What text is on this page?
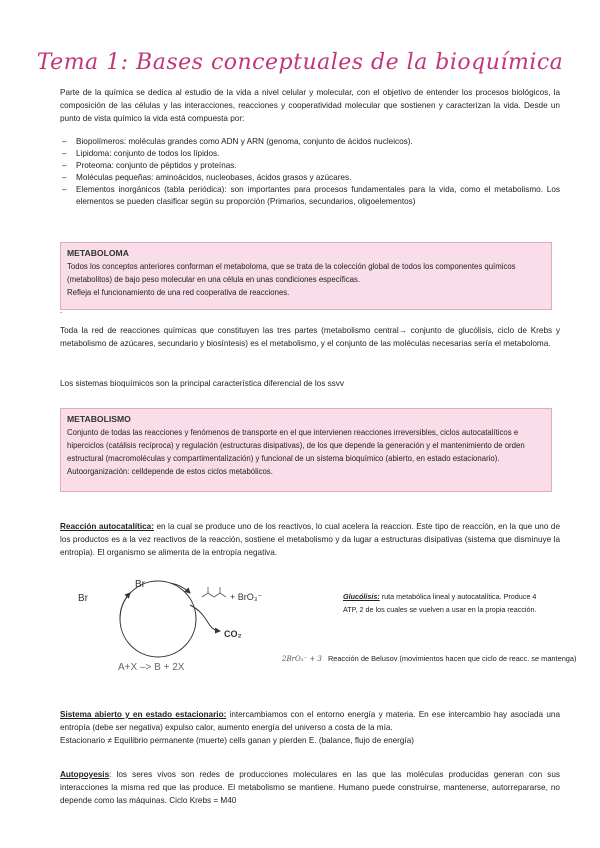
Tema 1: Bases conceptuales de la bioquímica
Parte de la química se dedica al estudio de la vida a nivel celular y molecular, con el objetivo de entender los procesos biológicos, la composición de las células y las interacciones, reacciones y cooperatividad molecular que sostienen y caracterizan la vida. Desde un punto de vista químico la vida está compuesta por:
– Biopolímeros: moléculas grandes como ADN y ARN (genoma, conjunto de ácidos nucleicos).
– Lipidoma: conjunto de todos los lípidos.
– Proteoma: conjunto de péptidos y proteínas.
– Moléculas pequeñas: aminoácidos, nucleobases, ácidos grasos y azúcares.
– Elementos inorgánicos (tabla periódica): son importantes para procesos fundamentales para la vida, como el metabolismo. Los elementos se pueden clasificar según su proporción (Primarios, secundarios, oligoelementos)
METABOLOMA
Todos los conceptos anteriores conforman el metaboloma, que se trata de la colección global de todos los componentes químicos (metabolitos) de bajo peso molecular en una célula en unas condiciones específicas.
Refleja el funcionamiento de una red cooperativa de reacciones.
.
Toda la red de reacciones químicas que constituyen las tres partes (metabolismo central→ conjunto de glucólisis, ciclo de Krebs y metabolismo de azúcares, secundario y biosíntesis) es el metabolismo, y el conjunto de las moléculas necesarias sería el metaboloma.
Los sistemas bioquímicos son la principal característica diferencial de los ssvv
METABOLISMO
Conjunto de todas las reacciones y fenómenos de transporte en el que intervienen reacciones irreversibles, ciclos autocatalíticos e hiperciclos (catálisis recíproca) y regulación (estructuras disipativas), de los que depende la generación y el mantenimiento de orden estructural (macromoléculas y compartimentalización) y funcional de un sistema bioquímico (abierto, en estado estacionario). Autoorganización: celldepende de estos ciclos metabólicos.
Reacción autocatalítica: en la cual se produce uno de los reactivos, lo cual acelera la reaccion. Este tipo de reacción, en la que uno de los productos es a la vez reactivos de la reacción, sostiene el metabolismo y da lugar a estructuras disipativas (sistema que disminuye la entropía). El organismo se alimenta de la entropía negativa.
Br
Br
+ BrO₃⁻
CO₂
A+X –> B + 2X
Glucólisis: ruta metabólica lineal y autocatalítica. Produce 4 ATP, 2 de los cuales se vuelven a usar en la propia reacción.
2BrO₃⁻ + 3 Reacción de Belusov (movimientos hacen que ciclo de reacc. se mantenga)
Sistema abierto y en estado estacionario: intercambiamos con el entorno energía y materia. En ese intercambio hay asociada una entropía (debe ser negativa) expulso calor, aumento energía del universo a costa de la mía.
Estacionario ≠ Equilibrio permanente (muerte) cells ganan y pierden E. (balance, flujo de energía)
Autopoyesis: los seres vivos son redes de producciones moleculares en las que las moléculas producidas generan con sus interacciones la misma red que las produce. El metabolismo se mantiene. Humano puede construirse, mantenerse, autorrepararse, no depende como las máquinas. Ciclo Krebs = M40
